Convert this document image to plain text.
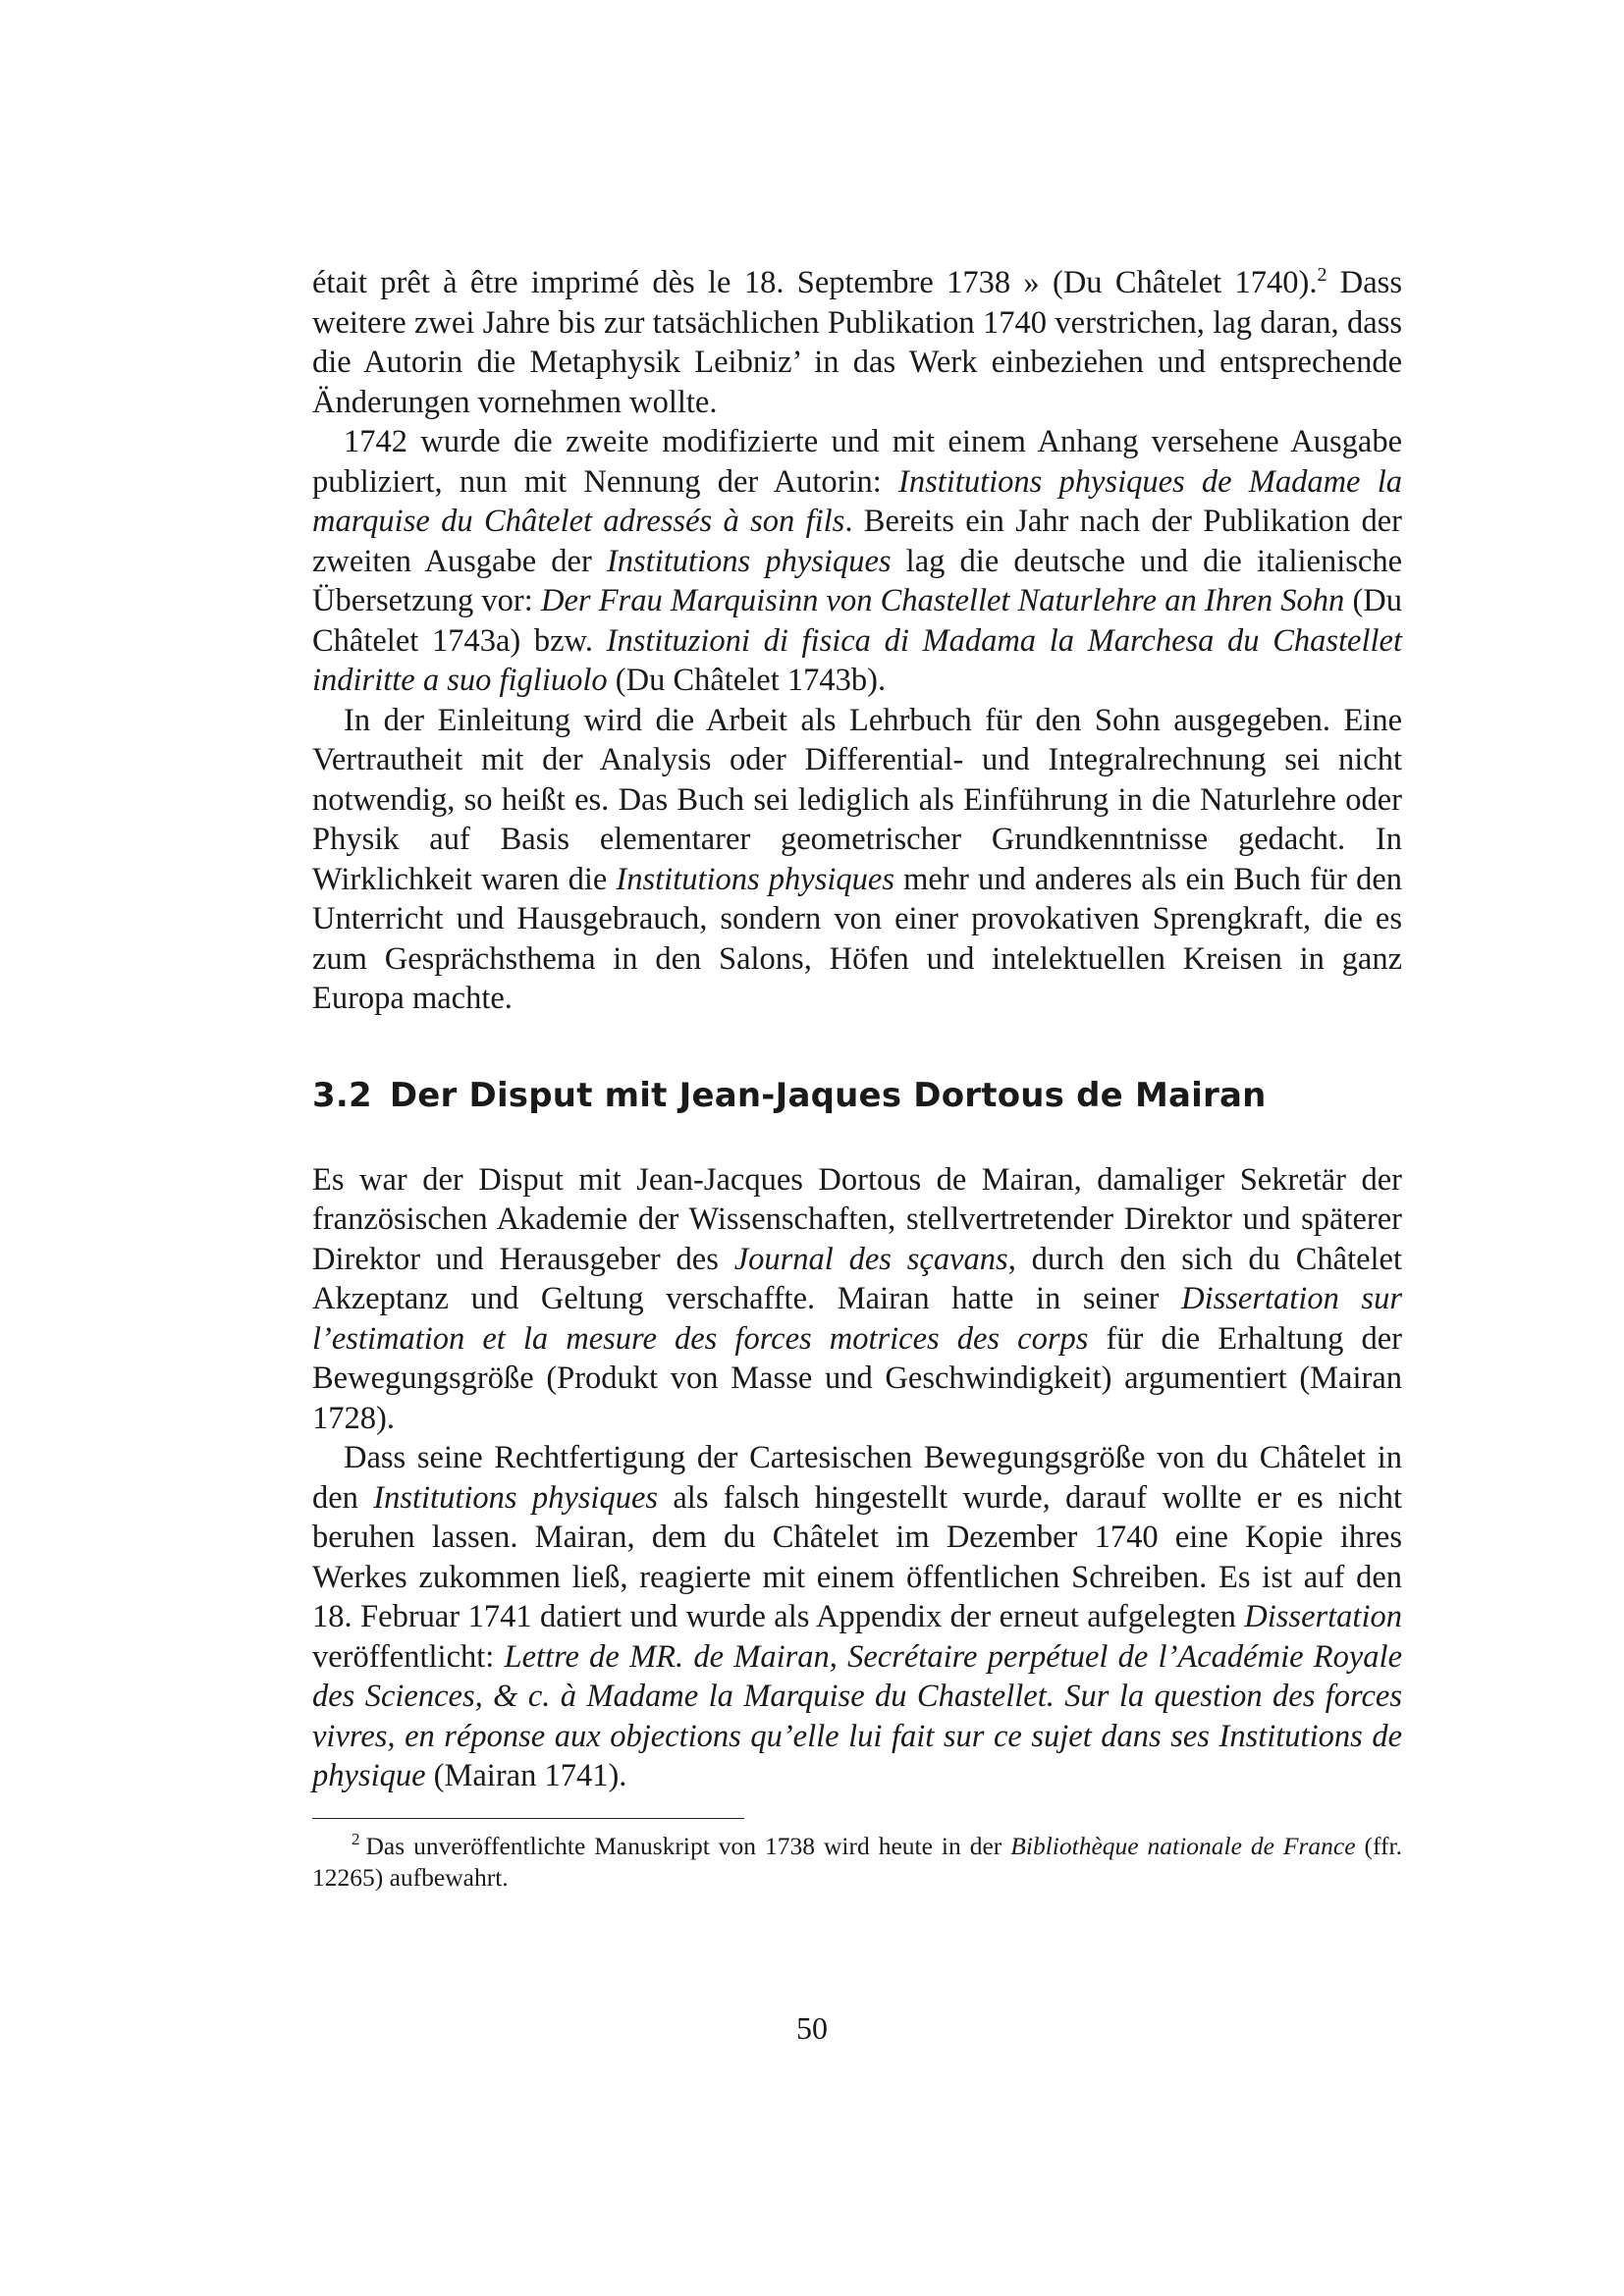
était prêt à être imprimé dès le 18. Septembre 1738 » (Du Châtelet 1740).$^2$ Dass weitere zwei Jahre bis zur tatsächlichen Publikation 1740 verstrichen, lag daran, dass die Autorin die Metaphysik Leibniz’ in das Werk einbeziehen und entsprechende Änderungen vornehmen wollte.

1742 wurde die zweite modifizierte und mit einem Anhang versehene Ausgabe publiziert, nun mit Nennung der Autorin: Institutions physiques de Madame la marquise du Châtelet adressés à son fils. Bereits ein Jahr nach der Publikation der zweiten Ausgabe der Institutions physiques lag die deutsche und die italienische Übersetzung vor: Der Frau Marquisinn von Chastellet Naturlehre an Ihren Sohn (Du Châtelet 1743a) bzw. Instituzioni di fisica di Madama la Marchesa du Chastellet indiritte a suo figliuolo (Du Châtelet 1743b).

In der Einleitung wird die Arbeit als Lehrbuch für den Sohn ausgegeben. Eine Vertrautheit mit der Analysis oder Differential- und Integralrechnung sei nicht notwendig, so heißt es. Das Buch sei lediglich als Einführung in die Naturlehre oder Physik auf Basis elementarer geometrischer Grundkenntnisse gedacht. In Wirklichkeit waren die Institutions physiques mehr und anderes als ein Buch für den Unterricht und Hausgebrauch, sondern von einer provokativen Sprengkraft, die es zum Gesprächsthema in den Salons, Höfen und intelektuellen Kreisen in ganz Europa machte.

3.2 Der Disput mit Jean-Jaques Dortous de Mairan

Es war der Disput mit Jean-Jacques Dortous de Mairan, damaliger Sekretär der französischen Akademie der Wissenschaften, stellvertretender Direktor und späterer Direktor und Herausgeber des Journal des sçavans, durch den sich du Châtelet Akzeptanz und Geltung verschaffte. Mairan hatte in seiner Dissertation sur l’estimation et la mesure des forces motrices des corps für die Erhaltung der Bewegungsgröße (Produkt von Masse und Geschwindigkeit) argumentiert (Mairan 1728).

Dass seine Rechtfertigung der Cartesischen Bewegungsgröße von du Châtelet in den Institutions physiques als falsch hingestellt wurde, darauf wollte er es nicht beruhen lassen. Mairan, dem du Châtelet im Dezember 1740 eine Kopie ihres Werkes zukommen ließ, reagierte mit einem öffentlichen Schreiben. Es ist auf den 18. Februar 1741 datiert und wurde als Appendix der erneut aufgelegten Dissertation veröffentlicht: Lettre de MR. de Mairan, Secrétaire perpétuel de l’Académie Royale des Sciences, & c. à Madame la Marquise du Chastellet. Sur la question des forces vivres, en réponse aux objections qu’elle lui fait sur ce sujet dans ses Institutions de physique (Mairan 1741).

$^2$ Das unveröffentlichte Manuskript von 1738 wird heute in der Bibliothèque nationale de France (ffr. 12265) aufbewahrt.

50
